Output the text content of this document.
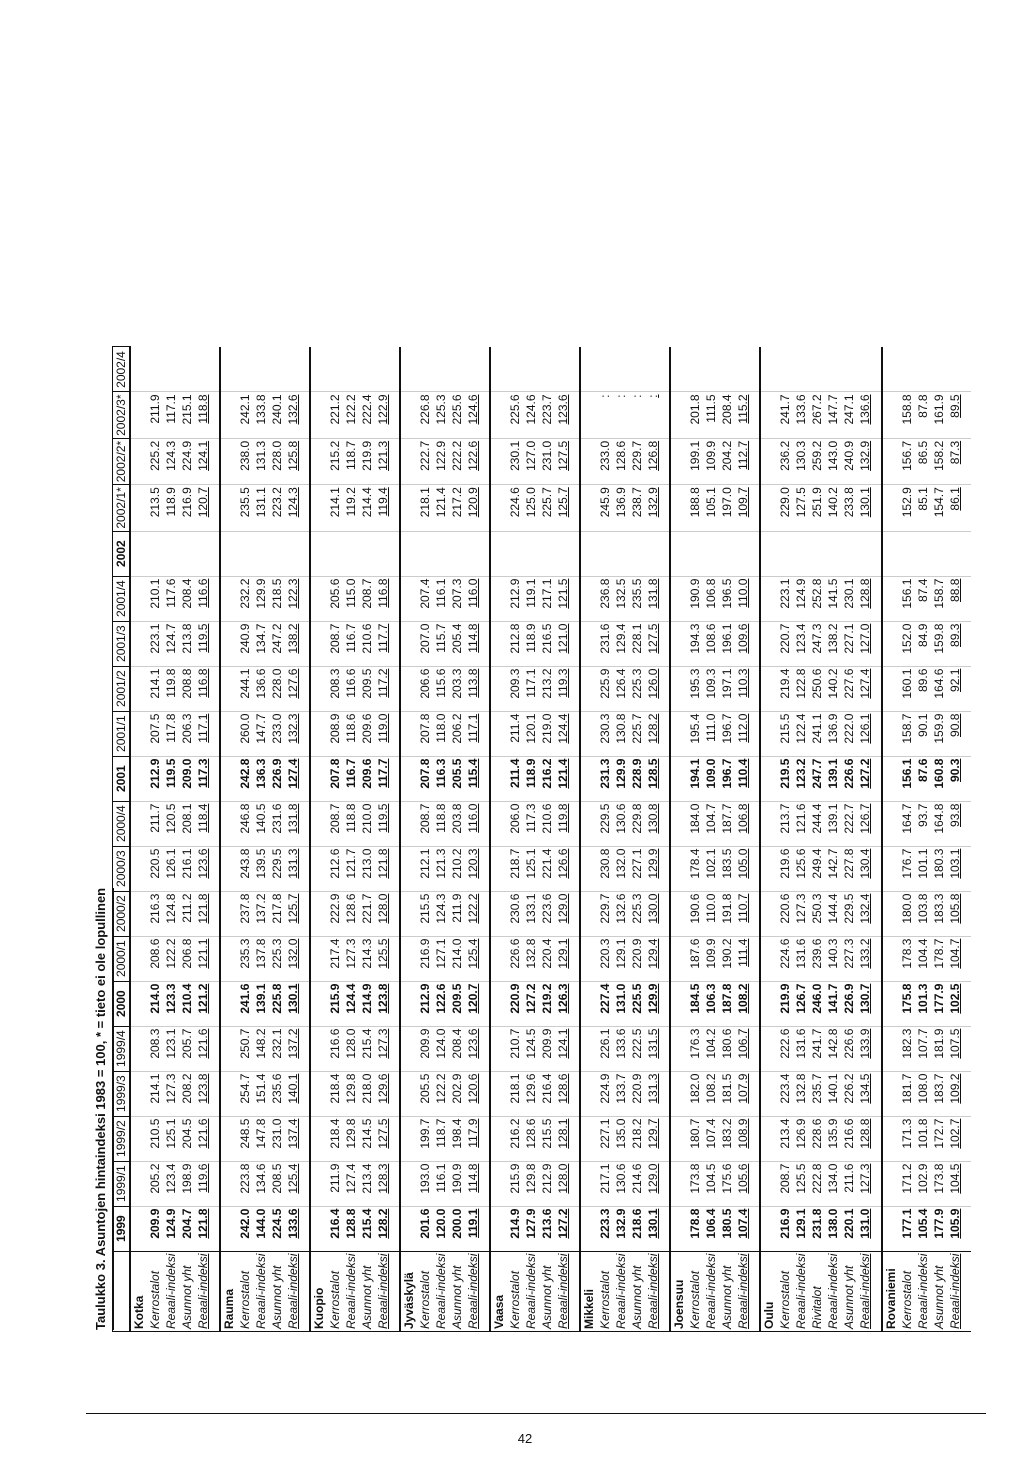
Taulukko 3. Asuntojen hintaindeksi 1983 = 100, * = tieto ei ole lopullinen
	1999	1999/1	1999/2	1999/3	1999/4	2000	2000/1	2000/2	2000/3	2000/4	2001	2001/1	2001/2	2001/3	2001/4	2002	2002/1*	2002/2*	2002/3*	2002/4
Kotka																				
Kerrostalot	209.9	205.2	210.5	214.1	208.3	214.0	208.6	216.3	220.5	211.7	212.9	207.5	214.1	223.1	210.1		213.5	225.2	211.9	
Reaali-indeksi	124.9	123.4	125.1	127.3	123.1	123.3	122.2	124.8	126.1	120.5	119.5	117.8	119.8	124.7	117.6		118.9	124.3	117.1	
Asunnot yht	204.7	198.9	204.5	208.2	205.7	210.4	206.8	211.2	216.1	208.1	209.0	206.3	208.8	213.8	208.4		216.9	224.9	215.1	
Reaali-indeksi	121.8	119.6	121.6	123.8	121.6	121.2	121.1	121.8	123.6	118.4	117.3	117.1	116.8	119.5	116.6		120.7	124.1	118.8	

Rauma																				
Kerrostalot	242.0	223.8	248.5	254.7	250.7	241.6	235.3	237.8	243.8	246.8	242.8	260.0	244.1	240.9	232.2		235.5	238.0	242.1	
Reaali-indeksi	144.0	134.6	147.8	151.4	148.2	139.1	137.8	137.2	139.5	140.5	136.3	147.7	136.6	134.7	129.9		131.1	131.3	133.8	
Asunnot yht	224.5	208.5	231.0	235.6	232.1	225.8	225.3	217.8	229.5	231.6	226.9	233.0	228.0	247.2	218.5		223.2	228.0	240.1	
Reaali-indeksi	133.6	125.4	137.4	140.1	137.2	130.1	132.0	125.7	131.3	131.8	127.4	132.3	127.6	138.2	122.3		124.3	125.8	132.6	

Kuopio																				
Kerrostalot	216.4	211.9	218.4	218.4	216.6	215.9	217.4	222.9	212.6	208.7	207.8	208.9	208.3	208.7	205.6		214.1	215.2	221.2	
Reaali-indeksi	128.8	127.4	129.8	129.8	128.0	124.4	127.3	128.6	121.7	118.8	116.7	118.6	116.6	116.7	115.0		119.2	118.7	122.2	
Asunnot yht	215.4	213.4	214.5	218.0	215.4	214.9	214.3	221.7	213.0	210.0	209.6	209.6	209.5	210.6	208.7		214.4	219.9	222.4	
Reaali-indeksi	128.2	128.3	127.5	129.6	127.3	123.8	125.5	128.0	121.8	119.5	117.7	119.0	117.2	117.7	116.8		119.4	121.3	122.9	

Jyväskylä																				
Kerrostalot	201.6	193.0	199.7	205.5	209.9	212.9	216.9	215.5	212.1	208.7	207.8	207.8	206.6	207.0	207.4		218.1	222.7	226.8	
Reaali-indeksi	120.0	116.1	118.7	122.2	124.0	122.6	127.1	124.3	121.3	118.8	116.3	118.0	115.6	115.7	116.1		121.4	122.9	125.3	
Asunnot yht	200.0	190.9	198.4	202.9	208.4	209.5	214.0	211.9	210.2	203.8	205.5	206.2	203.3	205.4	207.3		217.2	222.2	225.6	
Reaali-indeksi	119.1	114.8	117.9	120.6	123.6	120.7	125.4	122.2	120.3	116.0	115.4	117.1	113.8	114.8	116.0		120.9	122.6	124.6	

Vaasa																				
Kerrostalot	214.9	215.9	216.2	218.1	210.7	220.9	226.6	230.6	218.7	206.0	211.4	211.4	209.3	212.8	212.9		224.6	230.1	225.6	
Reaali-indeksi	127.9	129.8	128.6	129.6	124.5	127.2	132.8	133.1	125.1	117.3	118.9	120.1	117.1	118.9	119.1		125.0	127.0	124.6	
Asunnot yht	213.6	212.9	215.5	216.4	209.9	219.2	220.4	223.6	221.4	210.6	216.2	219.0	213.2	216.5	217.1		225.7	231.0	223.7	
Reaali-indeksi	127.2	128.0	128.1	128.6	124.1	126.3	129.1	129.0	126.6	119.8	121.4	124.4	119.3	121.0	121.5		125.7	127.5	123.6	

Mikkeli																				
Kerrostalot	223.3	217.1	227.1	224.9	226.1	227.4	220.3	229.7	230.8	229.5	231.3	230.3	225.9	231.6	236.8		245.9	233.0	:	
Reaali-indeksi	132.9	130.6	135.0	133.7	133.6	131.0	129.1	132.6	132.0	130.6	129.9	130.8	126.4	129.4	132.5		136.9	128.6	:	
Asunnot yht	218.6	214.6	218.2	220.9	222.5	225.5	220.9	225.3	227.1	229.8	228.9	225.7	225.3	228.1	235.5		238.7	229.7	:	
Reaali-indeksi	130.1	129.0	129.7	131.3	131.5	129.9	129.4	130.0	129.9	130.8	128.5	128.2	126.0	127.5	131.8		132.9	126.8	:	

Joensuu																				
Kerrostalot	178.8	173.8	180.7	182.0	176.3	184.5	187.6	190.6	178.4	184.0	194.1	195.4	195.3	194.3	190.9		188.8	199.1	201.8	
Reaali-indeksi	106.4	104.5	107.4	108.2	104.2	106.3	109.9	110.0	102.1	104.7	109.0	111.0	109.3	108.6	106.8		105.1	109.9	111.5	
Asunnot yht	180.5	175.6	183.2	181.5	180.6	187.8	190.2	191.8	183.5	187.7	196.7	196.7	197.1	196.1	196.5		197.0	204.2	208.4	
Reaali-indeksi	107.4	105.6	108.9	107.9	106.7	108.2	111.4	110.7	105.0	106.8	110.4	112.0	110.3	109.6	110.0		109.7	112.7	115.2	

Oulu																				
Kerrostalot	216.9	208.7	213.4	223.4	222.6	219.9	224.6	220.6	219.6	213.7	219.5	215.5	219.4	220.7	223.1		229.0	236.2	241.7	
Reaali-indeksi	129.1	125.5	126.9	132.8	131.6	126.7	131.6	127.3	125.6	121.6	123.2	122.4	122.8	123.4	124.9		127.5	130.3	133.6	
Rivitalot	231.8	222.8	228.6	235.7	241.7	246.0	239.6	250.3	249.4	244.4	247.7	241.1	250.6	247.3	252.8		251.9	259.2	267.2	
Reaali-indeksi	138.0	134.0	135.9	140.1	142.8	141.7	140.3	144.4	142.7	139.1	139.1	136.9	140.2	138.2	141.5		140.2	143.0	147.7	
Asunnot yht	220.1	211.6	216.6	226.2	226.6	226.9	227.3	229.5	227.8	222.7	226.6	222.0	227.6	227.1	230.1		233.8	240.9	247.1	
Reaali-indeksi	131.0	127.3	128.8	134.5	133.9	130.7	133.2	132.4	130.4	126.7	127.2	126.1	127.4	127.0	128.8		130.1	132.9	136.6	

Rovaniemi																				
Kerrostalot	177.1	171.2	171.3	181.7	182.3	175.8	178.3	180.0	176.7	164.7	156.1	158.7	160.1	152.0	156.1		152.9	156.7	158.8	
Reaali-indeksi	105.4	102.9	101.8	108.0	107.7	101.3	104.4	103.8	101.1	93.7	87.6	90.1	89.6	84.9	87.4		85.1	86.5	87.8	
Asunnot yht	177.9	173.8	172.7	183.7	181.9	177.9	178.7	183.3	180.3	164.8	160.8	159.9	164.6	159.8	158.7		154.7	158.2	161.9	
Reaali-indeksi	105.9	104.5	102.7	109.2	107.5	102.5	104.7	105.8	103.1	93.8	90.3	90.8	92.1	89.3	88.8		86.1	87.3	89.5	

42
